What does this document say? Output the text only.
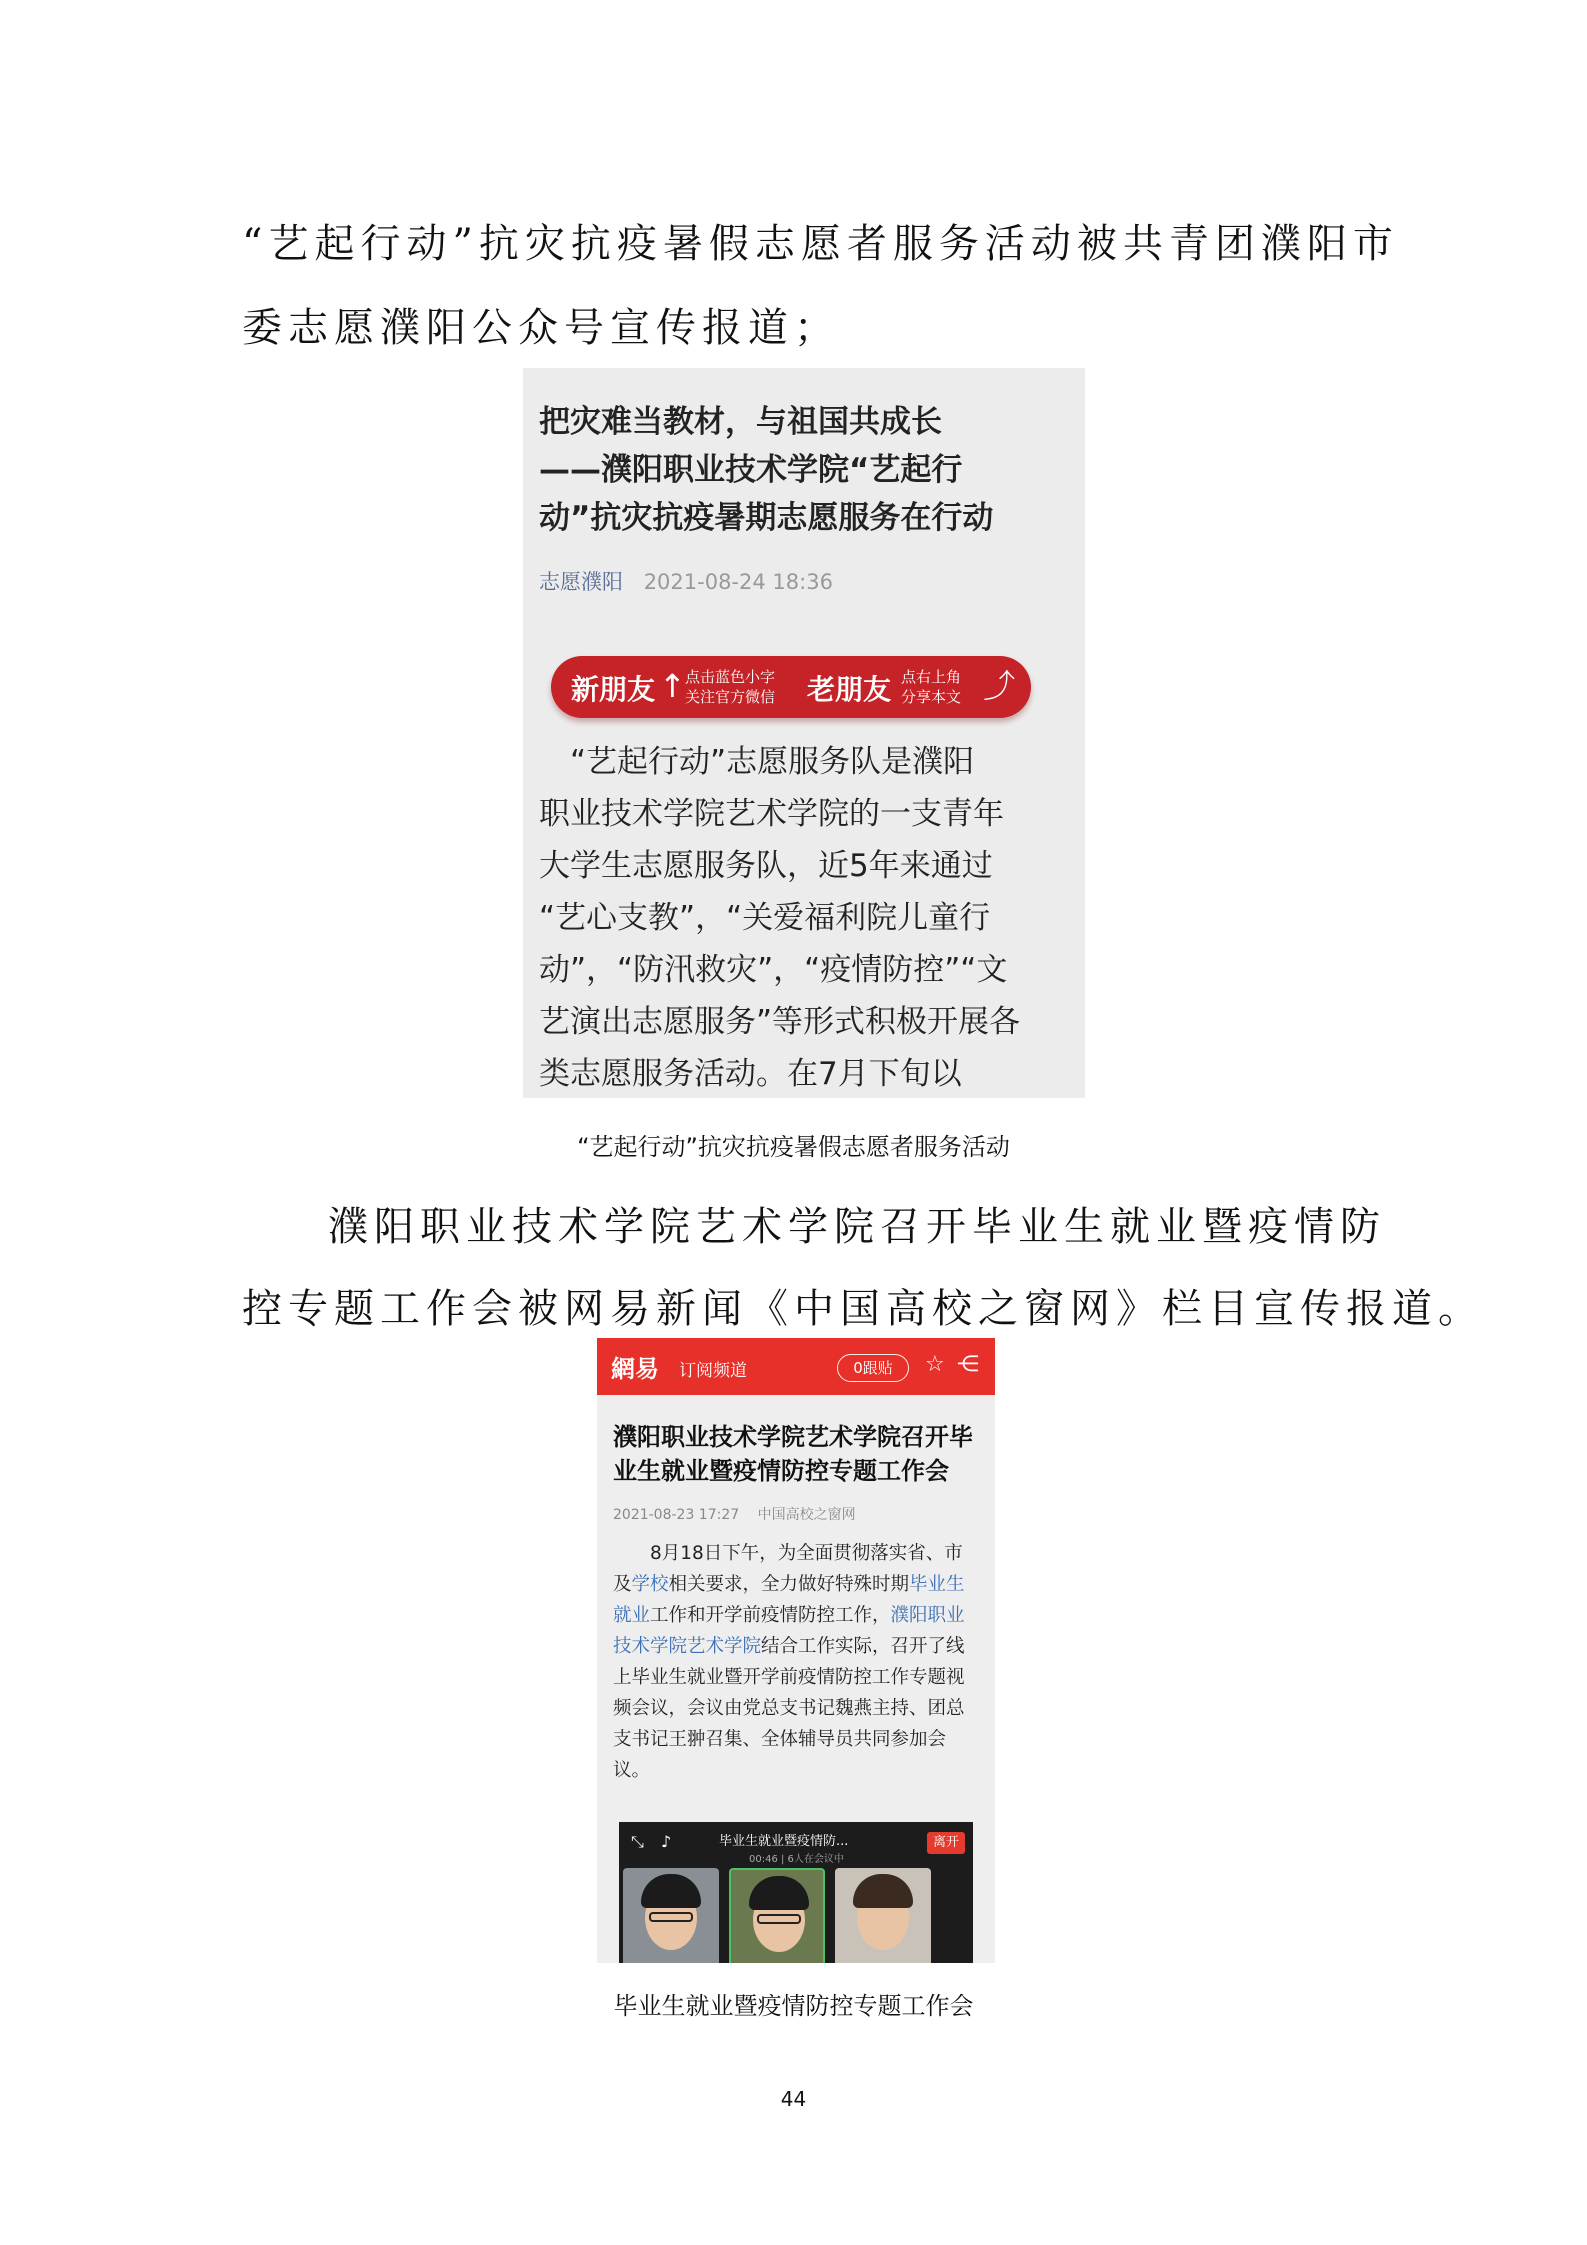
“艺起行动”抗灾抗疫暑假志愿者服务活动被共青团濮阳市
委志愿濮阳公众号宣传报道；
把灾难当教材，与祖国共成长
——濮阳职业技术学院“艺起行
动”抗灾抗疫暑期志愿服务在行动
志愿濮阳 2021-08-24 18:36
新朋友 ↑ 点击蓝色小字
关注官方微信 老朋友 点右上角
分享本文 ⤴

　“艺起行动”志愿服务队是濮阳

职业技术学院艺术学院的一支青年

大学生志愿服务队，近5年来通过

“艺心支教”，“关爱福利院儿童行

动”，“防汛救灾”，“疫情防控”“文

艺演出志愿服务”等形式积极开展各

类志愿服务活动。在7月下旬以

“艺起行动”抗灾抗疫暑假志愿者服务活动
濮阳职业技术学院艺术学院召开毕业生就业暨疫情防
控专题工作会被网易新闻《中国高校之窗网》栏目宣传报道。
網易 订阅频道	0跟贴	☆ ⋲
濮阳职业技术学院艺术学院召开毕
业生就业暨疫情防控专题工作会
2021-08-23 17:27 中国高校之窗网

　　8月18日下午，为全面贯彻落实省、市

及学校相关要求，全力做好特殊时期毕业生

就业工作和开学前疫情防控工作，濮阳职业

技术学院艺术学院结合工作实际，召开了线

上毕业生就业暨开学前疫情防控工作专题视

频会议，会议由党总支书记魏燕主持、团总

支书记王翀召集、全体辅导员共同参加会

议。

⤡ ♪	毕业生就业暨疫情防...
00:46 | 6人在会议中
离开
毕业生就业暨疫情防控专题工作会
44
